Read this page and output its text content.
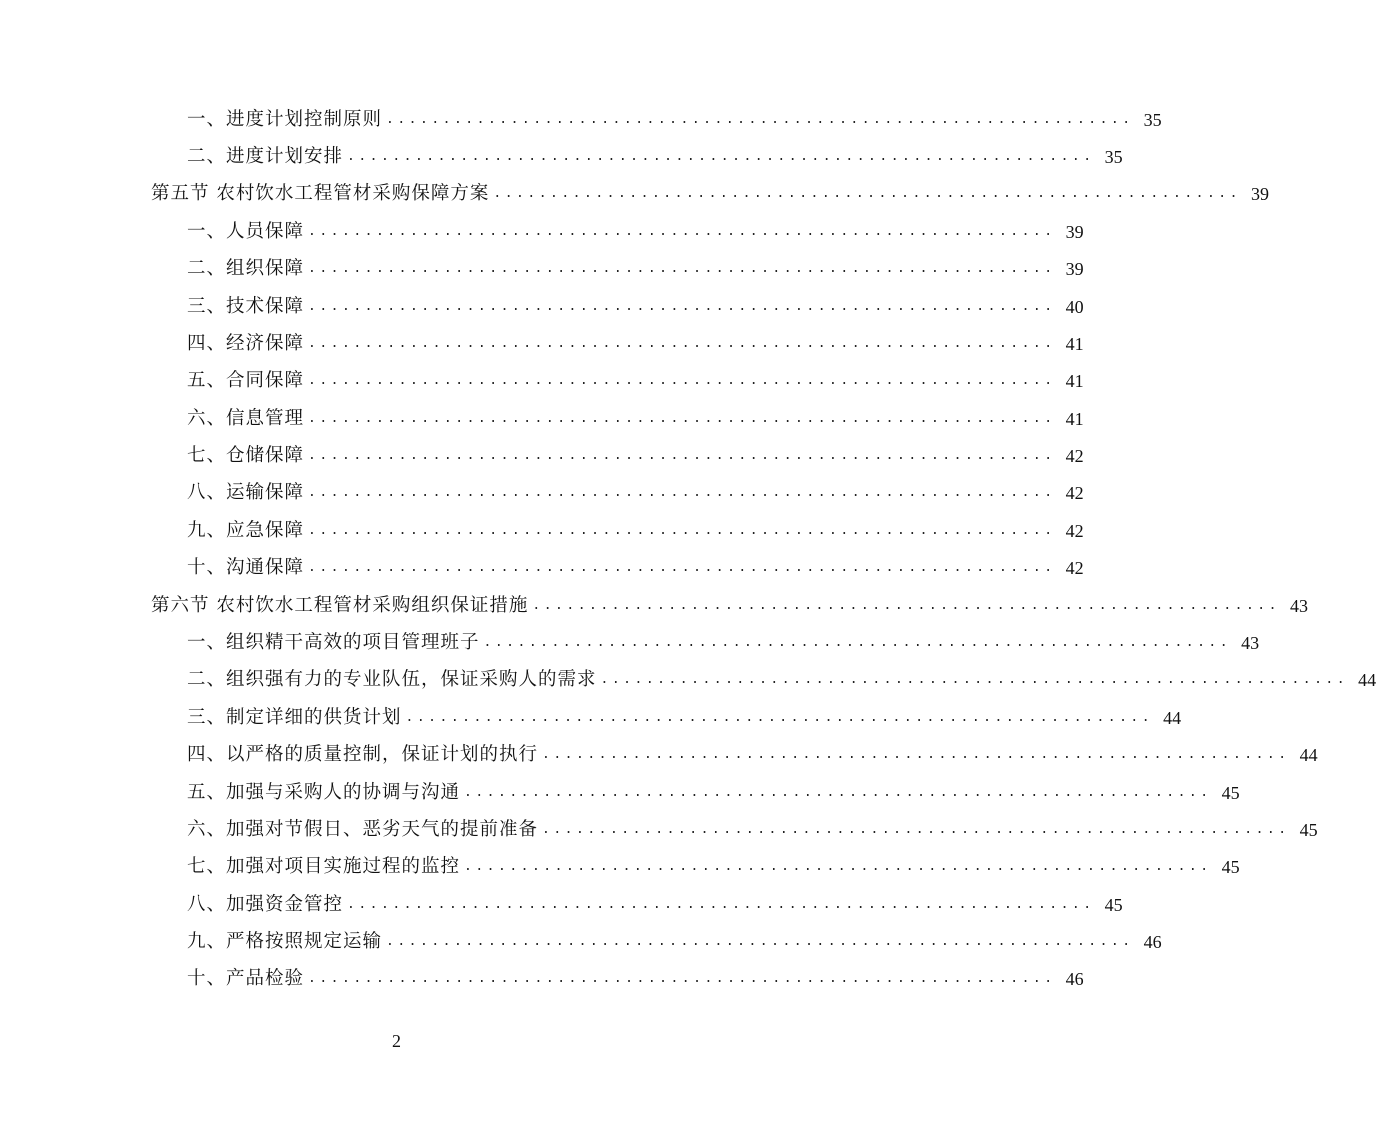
一、进度计划控制原则 .................................................................. 35
二、进度计划安排 .................................................................. 35
第五节 农村饮水工程管材采购保障方案 .................................................................. 39
一、人员保障 .................................................................. 39
二、组织保障 .................................................................. 39
三、技术保障 .................................................................. 40
四、经济保障 .................................................................. 41
五、合同保障 .................................................................. 41
六、信息管理 .................................................................. 41
七、仓储保障 .................................................................. 42
八、运输保障 .................................................................. 42
九、应急保障 .................................................................. 42
十、沟通保障 .................................................................. 42
第六节 农村饮水工程管材采购组织保证措施 .................................................................. 43
一、组织精干高效的项目管理班子 .................................................................. 43
二、组织强有力的专业队伍，保证采购人的需求 .................................................................. 44
三、制定详细的供货计划 .................................................................. 44
四、以严格的质量控制，保证计划的执行 .................................................................. 44
五、加强与采购人的协调与沟通 .................................................................. 45
六、加强对节假日、恶劣天气的提前准备 .................................................................. 45
七、加强对项目实施过程的监控 .................................................................. 45
八、加强资金管控 .................................................................. 45
九、严格按照规定运输 .................................................................. 46
十、产品检验 .................................................................. 46
2
